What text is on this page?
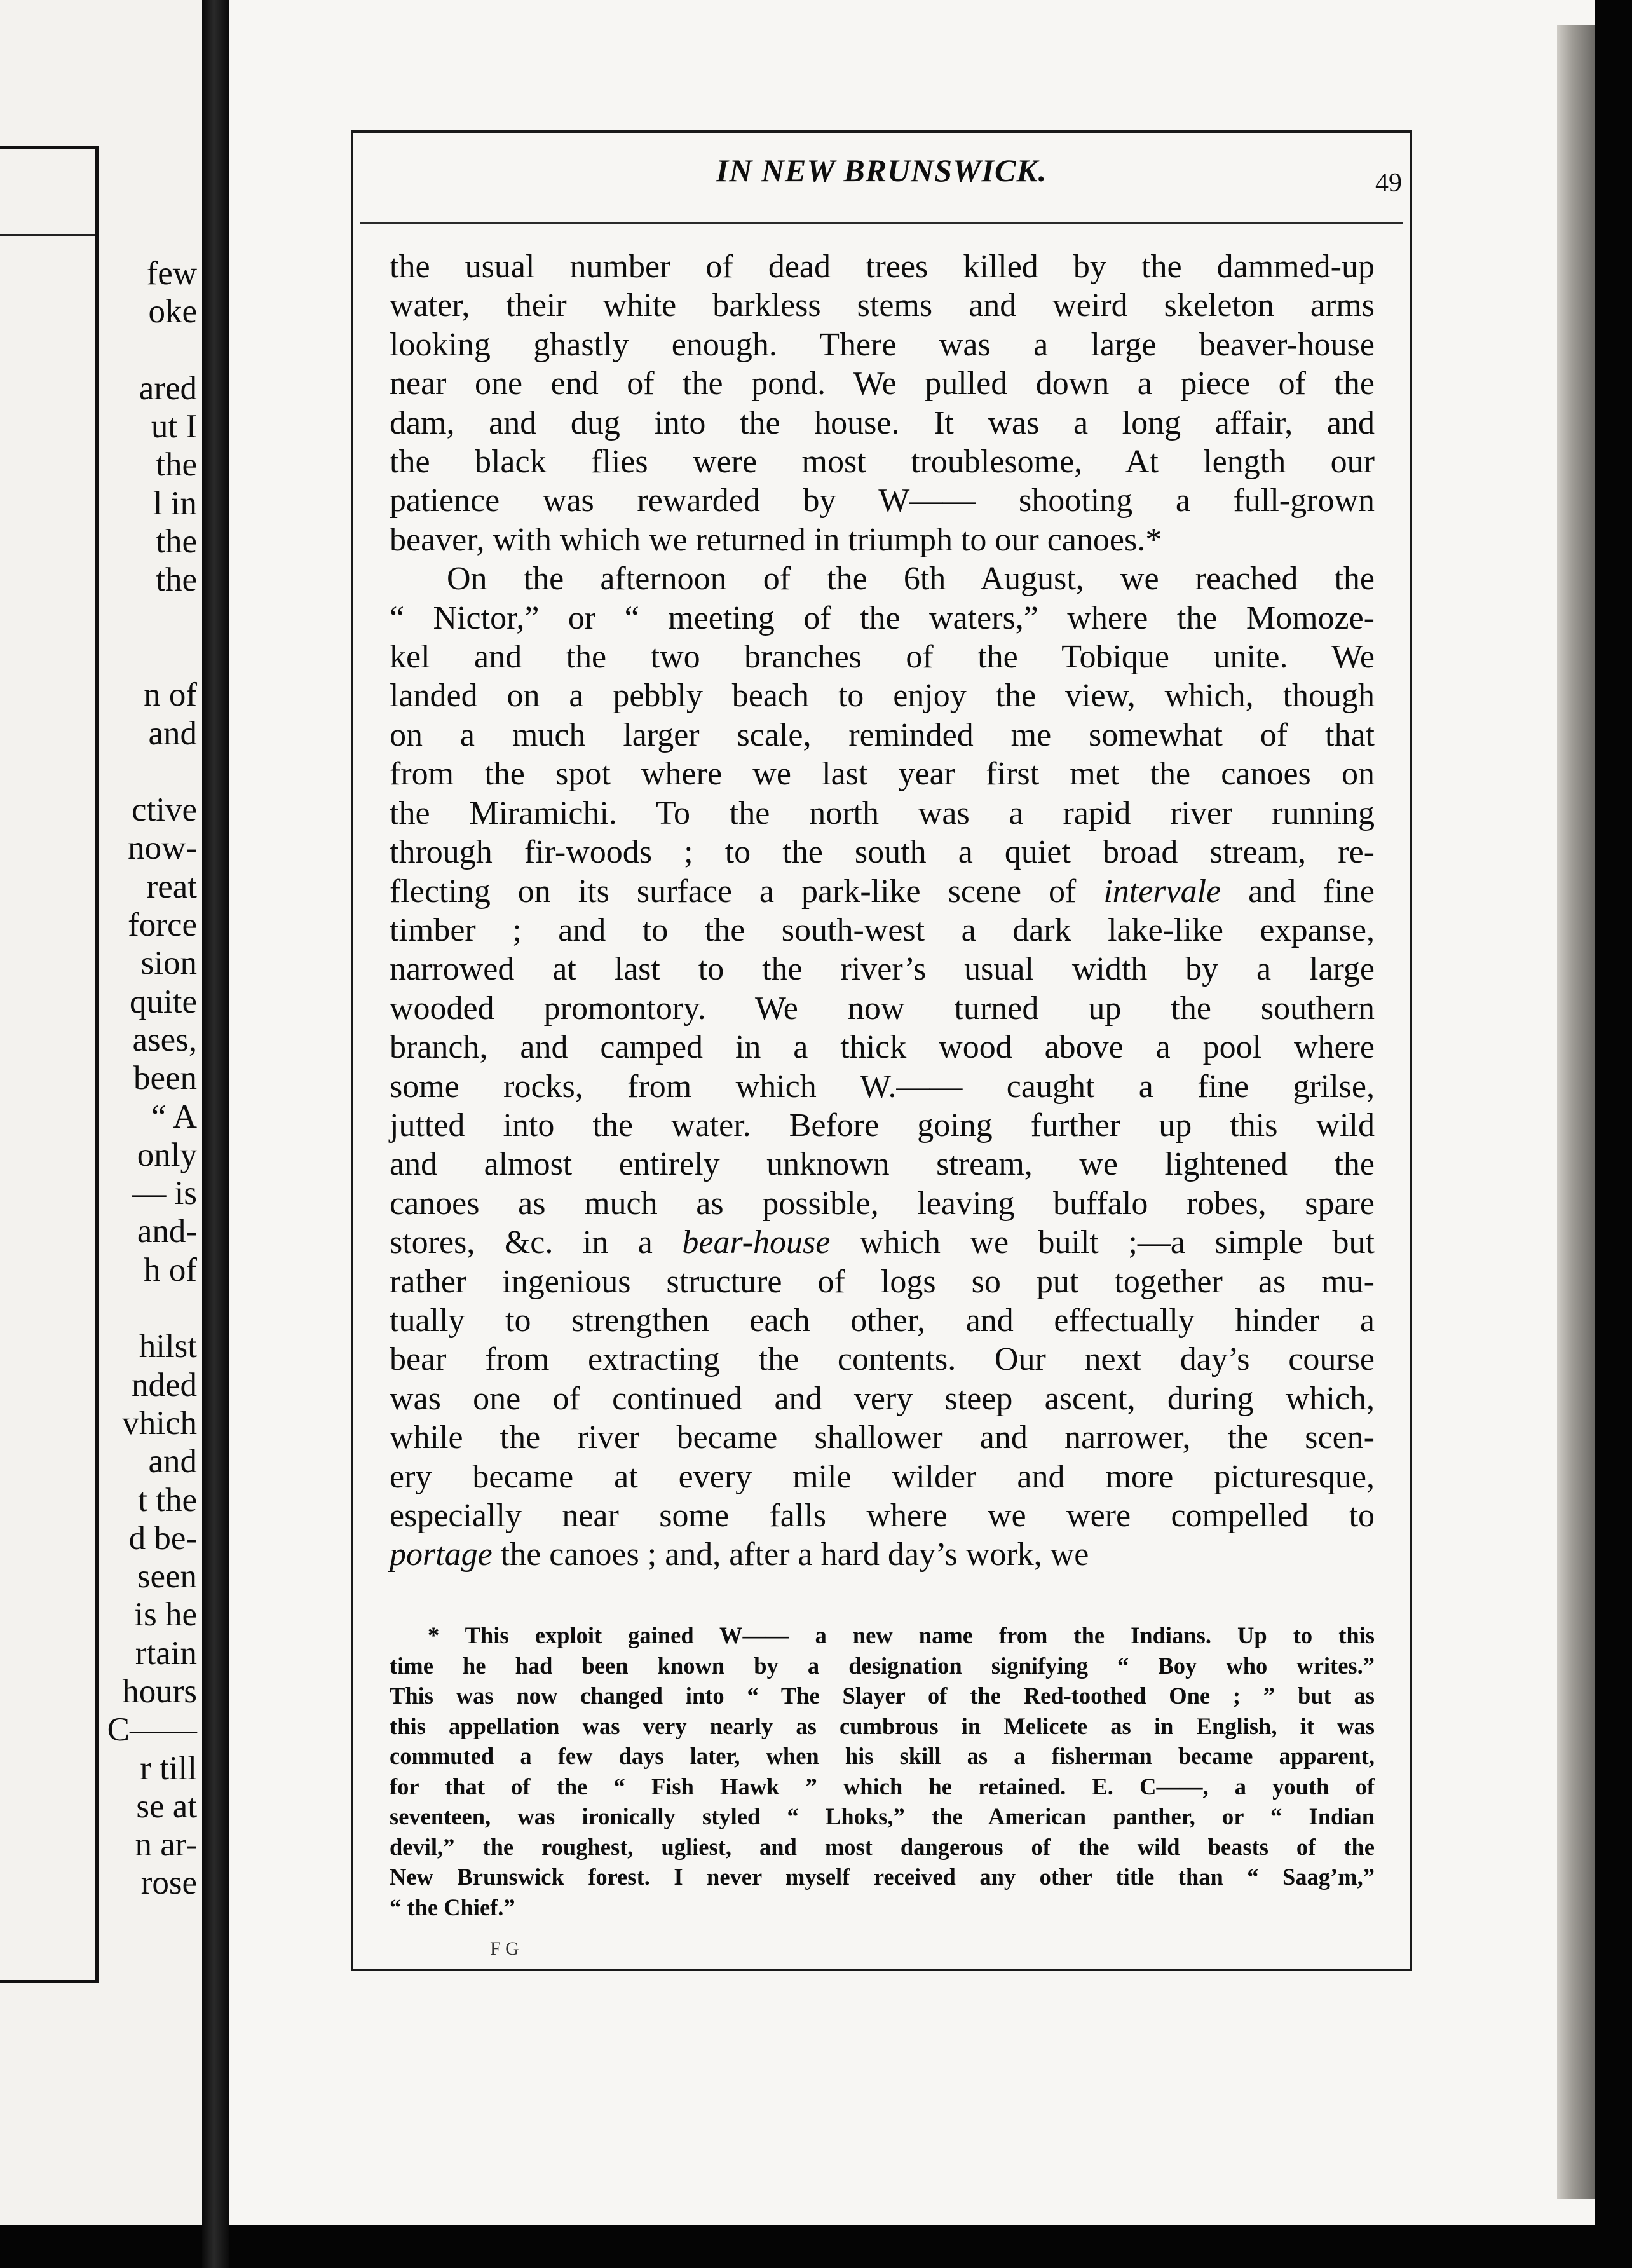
few
oke
ared
ut I
the
l in
the
the
n of
and
ctive
now-
reat
force
sion
quite
ases,
been
“ A
only
— is
and-
h of
hilst
nded
vhich
and
t the
d be-
seen
is he
rtain
hours
C——
r till
se at
n ar-
rose
IN NEW BRUNSWICK.	49
the usual number of dead trees killed by the dammed-up
water, their white barkless stems and weird skeleton arms
looking ghastly enough. There was a large beaver-house
near one end of the pond. We pulled down a piece of the
dam, and dug into the house. It was a long affair, and
the black flies were most troublesome, At length our
patience was rewarded by W—— shooting a full-grown
beaver, with which we returned in triumph to our canoes.*
On the afternoon of the 6th August, we reached the
“ Nictor,” or “ meeting of the waters,” where the Momoze-
kel and the two branches of the Tobique unite. We
landed on a pebbly beach to enjoy the view, which, though
on a much larger scale, reminded me somewhat of that
from the spot where we last year first met the canoes on
the Miramichi. To the north was a rapid river running
through fir-woods ; to the south a quiet broad stream, re-
flecting on its surface a park-like scene of intervale and fine
timber ; and to the south-west a dark lake-like expanse,
narrowed at last to the river’s usual width by a large
wooded promontory. We now turned up the southern
branch, and camped in a thick wood above a pool where
some rocks, from which W.—— caught a fine grilse,
jutted into the water. Before going further up this wild
and almost entirely unknown stream, we lightened the
canoes as much as possible, leaving buffalo robes, spare
stores, &c. in a bear-house which we built ;—a simple but
rather ingenious structure of logs so put together as mu-
tually to strengthen each other, and effectually hinder a
bear from extracting the contents. Our next day’s course
was one of continued and very steep ascent, during which,
while the river became shallower and narrower, the scen-
ery became at every mile wilder and more picturesque,
especially near some falls where we were compelled to
portage the canoes ; and, after a hard day’s work, we
* This exploit gained W—— a new name from the Indians. Up to this
time he had been known by a designation signifying “ Boy who writes.”
This was now changed into “ The Slayer of the Red-toothed One ; ” but as
this appellation was very nearly as cumbrous in Melicete as in English, it was
commuted a few days later, when his skill as a fisherman became apparent,
for that of the “ Fish Hawk ” which he retained. E. C——, a youth of
seventeen, was ironically styled “ Lhoks,” the American panther, or “ Indian
devil,” the roughest, ugliest, and most dangerous of the wild beasts of the
New Brunswick forest. I never myself received any other title than “ Saag’m,”
“ the Chief.”
F G
